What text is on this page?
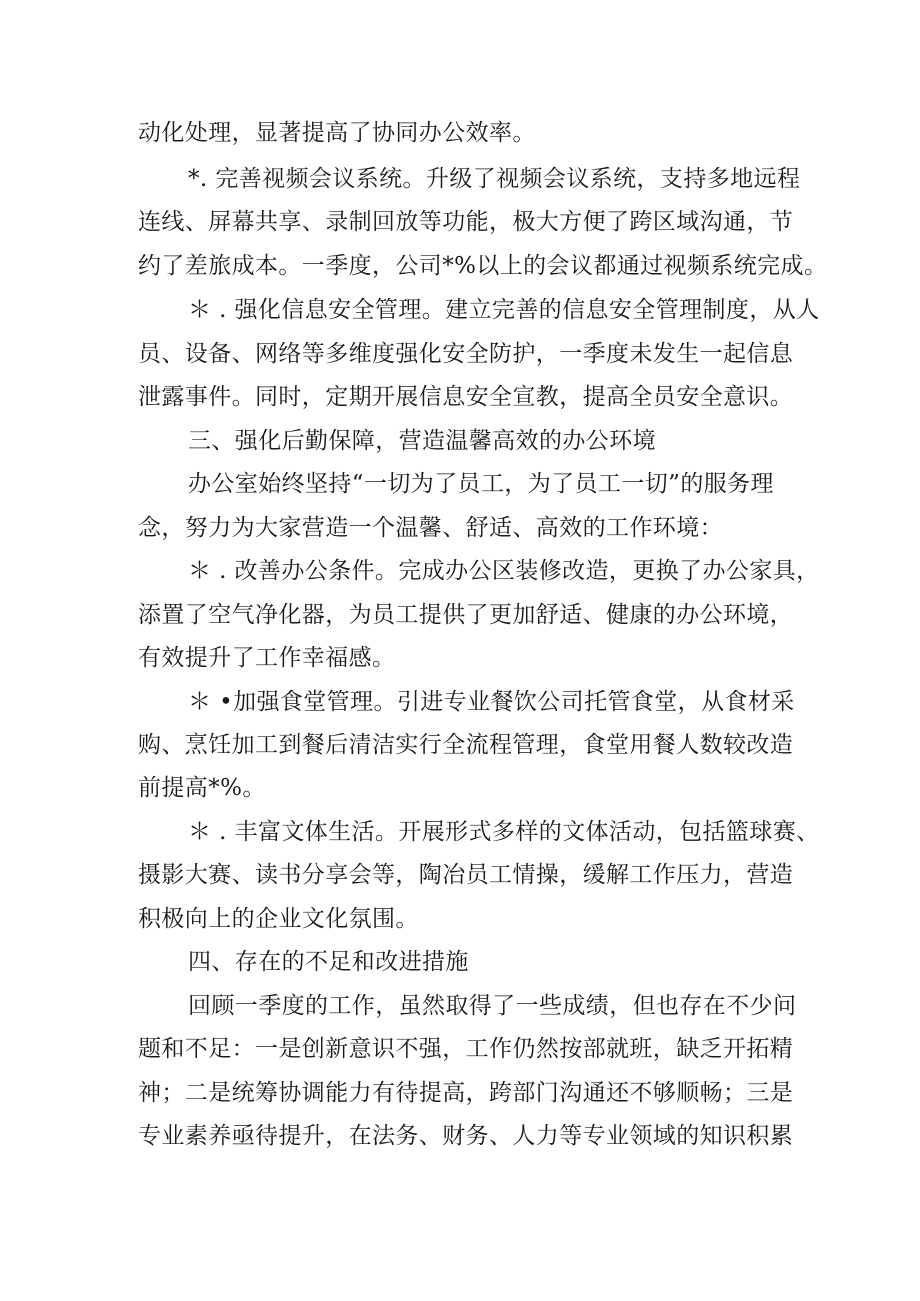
动化处理，显著提高了协同办公效率。
*. 完善视频会议系统。升级了视频会议系统，支持多地远程
连线、屏幕共享、录制回放等功能，极大方便了跨区域沟通，节
约了差旅成本。一季度，公司*%以上的会议都通过视频系统完成。
＊ . 强化信息安全管理。建立完善的信息安全管理制度，从人
员、设备、网络等多维度强化安全防护，一季度未发生一起信息
泄露事件。同时，定期开展信息安全宣教，提高全员安全意识。
三、强化后勤保障，营造温馨高效的办公环境
办公室始终坚持“一切为了员工，为了员工一切”的服务理
念，努力为大家营造一个温馨、舒适、高效的工作环境：
＊ . 改善办公条件。完成办公区装修改造，更换了办公家具，
添置了空气净化器，为员工提供了更加舒适、健康的办公环境，
有效提升了工作幸福感。
＊ •加强食堂管理。引进专业餐饮公司托管食堂，从食材采
购、烹饪加工到餐后清洁实行全流程管理，食堂用餐人数较改造
前提高*%。
＊ . 丰富文体生活。开展形式多样的文体活动，包括篮球赛、
摄影大赛、读书分享会等，陶冶员工情操，缓解工作压力，营造
积极向上的企业文化氛围。
四、存在的不足和改进措施
回顾一季度的工作，虽然取得了一些成绩，但也存在不少问
题和不足：一是创新意识不强，工作仍然按部就班，缺乏开拓精
神；二是统筹协调能力有待提高，跨部门沟通还不够顺畅；三是
专业素养亟待提升，在法务、财务、人力等专业领域的知识积累
